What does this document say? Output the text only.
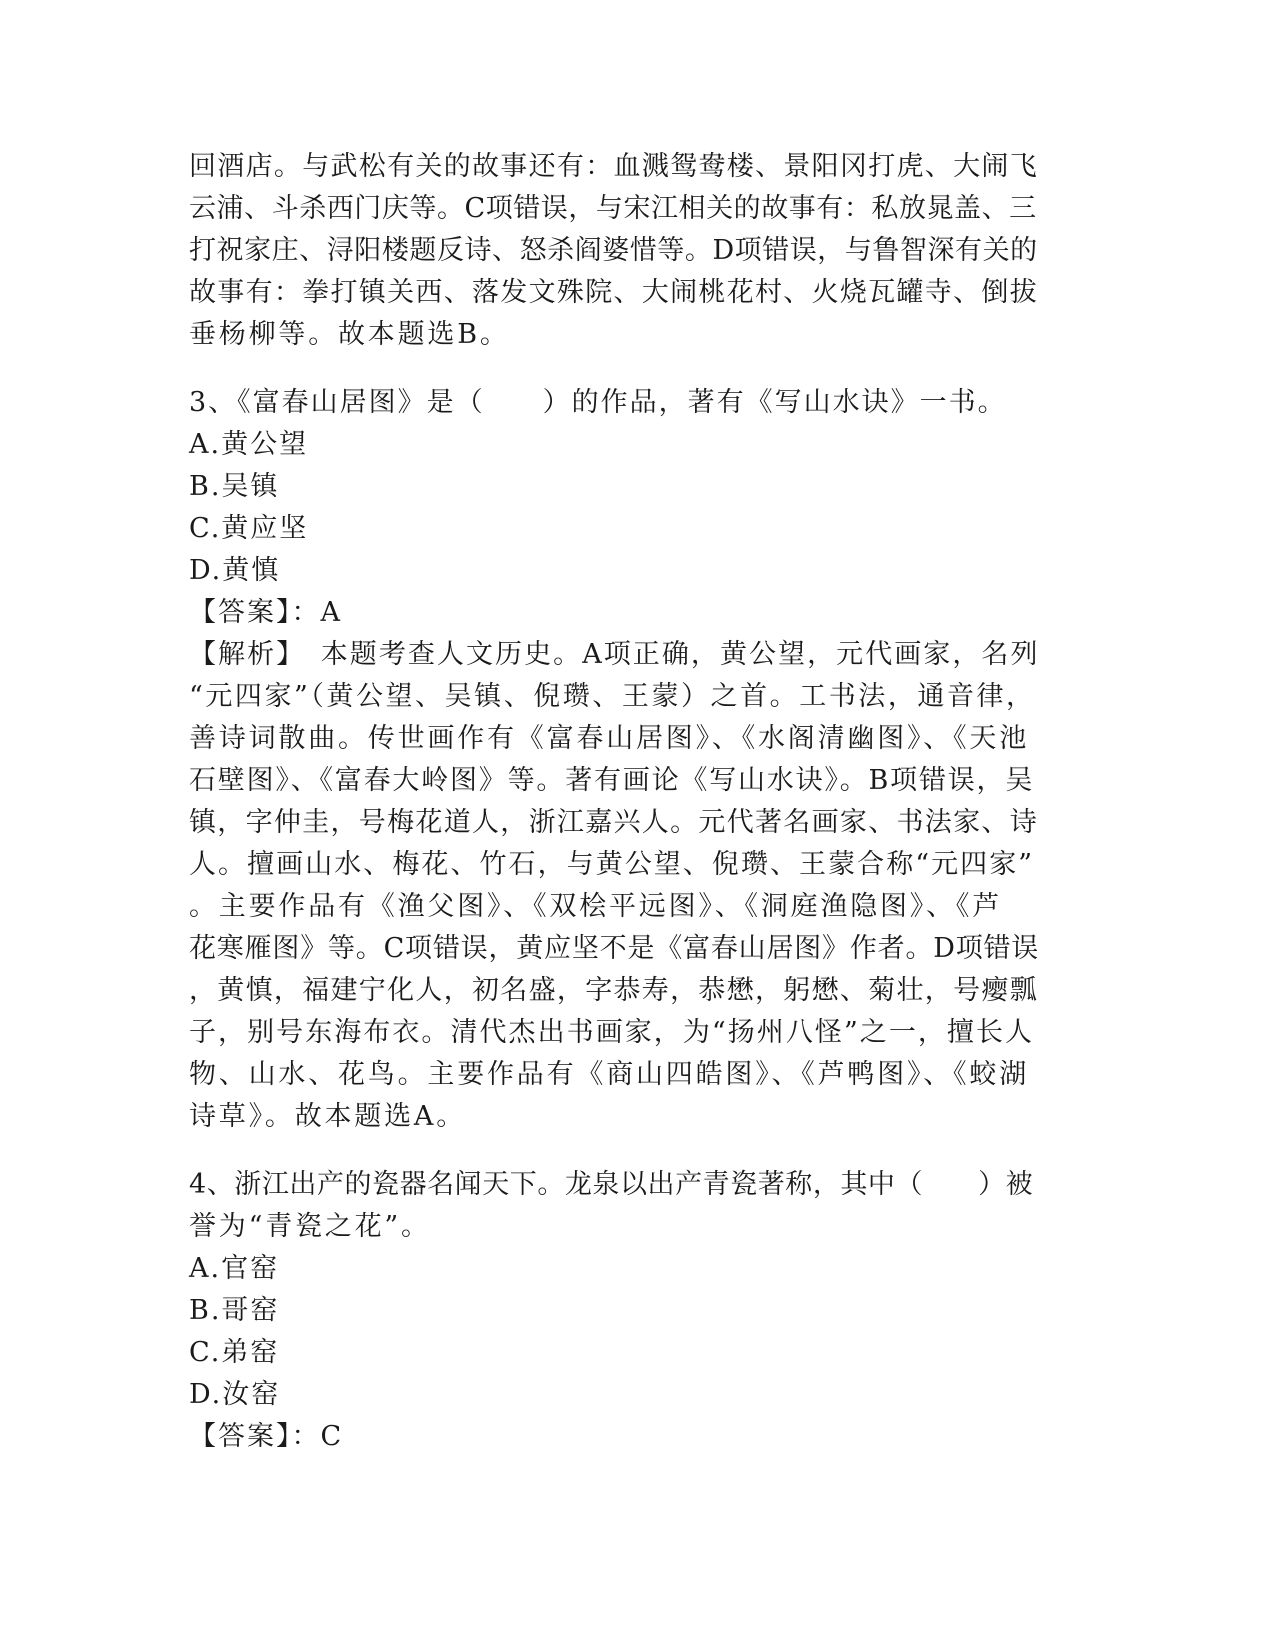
回酒店。与武松有关的故事还有：血溅鸳鸯楼、景阳冈打虎、大闹飞
云浦、斗杀西门庆等。C项错误，与宋江相关的故事有：私放晁盖、三
打祝家庄、浔阳楼题反诗、怒杀阎婆惜等。D项错误，与鲁智深有关的
故事有：拳打镇关西、落发文殊院、大闹桃花村、火烧瓦罐寺、倒拔
垂杨柳等。故本题选B。
3、《富春山居图》是（　　）的作品，著有《写山水诀》一书。
A.黄公望
B.吴镇
C.黄应坚
D.黄慎
【答案】：A
【解析】　本题考查人文历史。A项正确，黄公望，元代画家，名列
“元四家”（黄公望、吴镇、倪瓒、王蒙）之首。工书法，通音律，
善诗词散曲。传世画作有《富春山居图》、《水阁清幽图》、《天池
石壁图》、《富春大岭图》等。著有画论《写山水诀》。B项错误，吴
镇，字仲圭，号梅花道人，浙江嘉兴人。元代著名画家、书法家、诗
人。擅画山水、梅花、竹石，与黄公望、倪瓒、王蒙合称“元四家”
。主要作品有《渔父图》、《双桧平远图》、《洞庭渔隐图》、《芦
花寒雁图》等。C项错误，黄应坚不是《富春山居图》作者。D项错误
，黄慎，福建宁化人，初名盛，字恭寿，恭懋，躬懋、菊壮，号瘿瓢
子，别号东海布衣。清代杰出书画家，为“扬州八怪”之一，擅长人
物、山水、花鸟。主要作品有《商山四皓图》、《芦鸭图》、《蛟湖
诗草》。故本题选A。
4、浙江出产的瓷器名闻天下。龙泉以出产青瓷著称，其中（　　）被
誉为“青瓷之花”。
A.官窑
B.哥窑
C.弟窑
D.汝窑
【答案】：C
